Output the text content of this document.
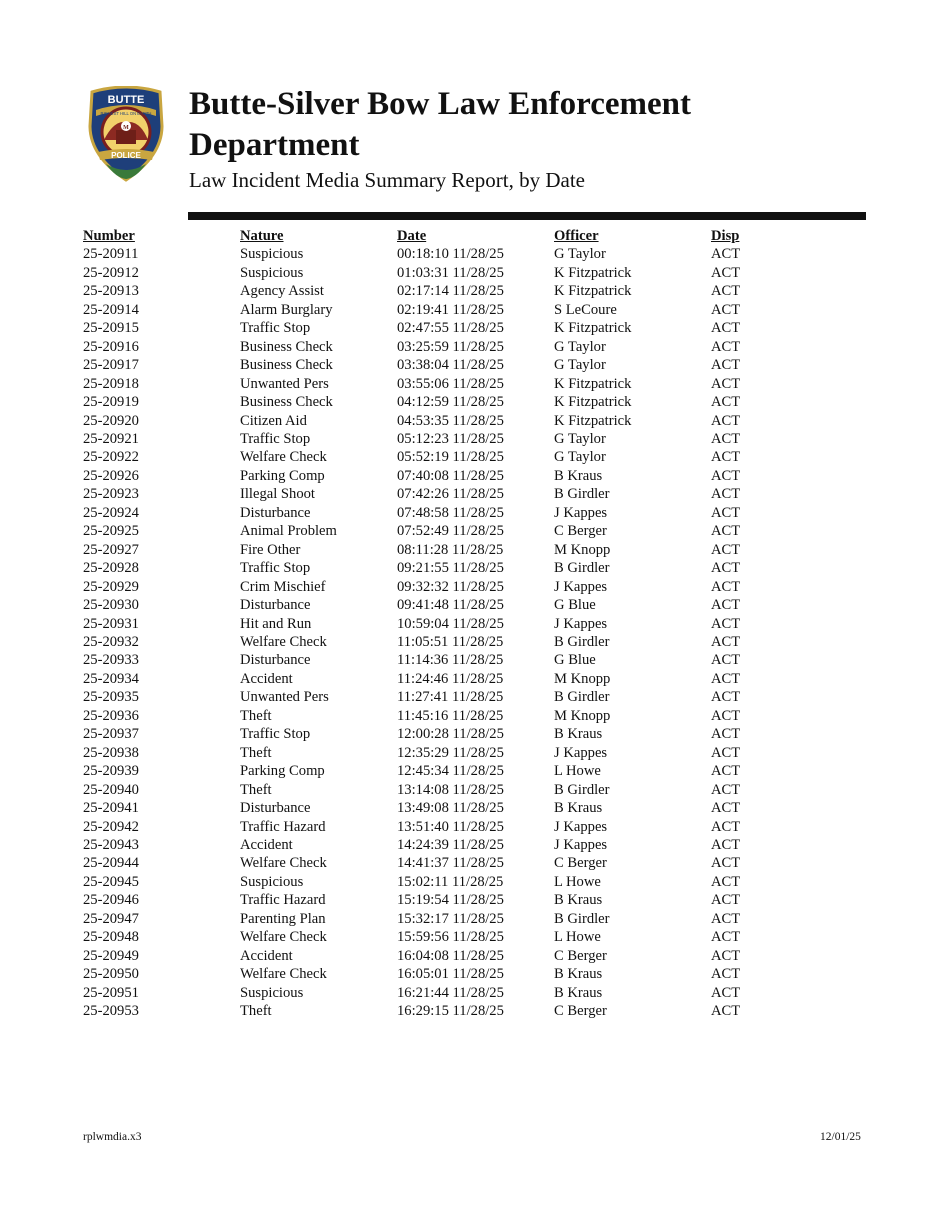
BUTTE
RICHEST HILL ON EARTH
M
POLICE
Butte-Silver Bow Law Enforcement Department
Law Incident Media Summary Report, by Date
Number	Nature	Date	Officer	Disp
25-20911	Suspicious	00:18:10 11/28/25	G Taylor	ACT
25-20912	Suspicious	01:03:31 11/28/25	K Fitzpatrick	ACT
25-20913	Agency Assist	02:17:14 11/28/25	K Fitzpatrick	ACT
25-20914	Alarm Burglary	02:19:41 11/28/25	S LeCoure	ACT
25-20915	Traffic Stop	02:47:55 11/28/25	K Fitzpatrick	ACT
25-20916	Business Check	03:25:59 11/28/25	G Taylor	ACT
25-20917	Business Check	03:38:04 11/28/25	G Taylor	ACT
25-20918	Unwanted Pers	03:55:06 11/28/25	K Fitzpatrick	ACT
25-20919	Business Check	04:12:59 11/28/25	K Fitzpatrick	ACT
25-20920	Citizen Aid	04:53:35 11/28/25	K Fitzpatrick	ACT
25-20921	Traffic Stop	05:12:23 11/28/25	G Taylor	ACT
25-20922	Welfare Check	05:52:19 11/28/25	G Taylor	ACT
25-20926	Parking Comp	07:40:08 11/28/25	B Kraus	ACT
25-20923	Illegal Shoot	07:42:26 11/28/25	B Girdler	ACT
25-20924	Disturbance	07:48:58 11/28/25	J Kappes	ACT
25-20925	Animal Problem	07:52:49 11/28/25	C Berger	ACT
25-20927	Fire Other	08:11:28 11/28/25	M Knopp	ACT
25-20928	Traffic Stop	09:21:55 11/28/25	B Girdler	ACT
25-20929	Crim Mischief	09:32:32 11/28/25	J Kappes	ACT
25-20930	Disturbance	09:41:48 11/28/25	G Blue	ACT
25-20931	Hit and Run	10:59:04 11/28/25	J Kappes	ACT
25-20932	Welfare Check	11:05:51 11/28/25	B Girdler	ACT
25-20933	Disturbance	11:14:36 11/28/25	G Blue	ACT
25-20934	Accident	11:24:46 11/28/25	M Knopp	ACT
25-20935	Unwanted Pers	11:27:41 11/28/25	B Girdler	ACT
25-20936	Theft	11:45:16 11/28/25	M Knopp	ACT
25-20937	Traffic Stop	12:00:28 11/28/25	B Kraus	ACT
25-20938	Theft	12:35:29 11/28/25	J Kappes	ACT
25-20939	Parking Comp	12:45:34 11/28/25	L Howe	ACT
25-20940	Theft	13:14:08 11/28/25	B Girdler	ACT
25-20941	Disturbance	13:49:08 11/28/25	B Kraus	ACT
25-20942	Traffic Hazard	13:51:40 11/28/25	J Kappes	ACT
25-20943	Accident	14:24:39 11/28/25	J Kappes	ACT
25-20944	Welfare Check	14:41:37 11/28/25	C Berger	ACT
25-20945	Suspicious	15:02:11 11/28/25	L Howe	ACT
25-20946	Traffic Hazard	15:19:54 11/28/25	B Kraus	ACT
25-20947	Parenting Plan	15:32:17 11/28/25	B Girdler	ACT
25-20948	Welfare Check	15:59:56 11/28/25	L Howe	ACT
25-20949	Accident	16:04:08 11/28/25	C Berger	ACT
25-20950	Welfare Check	16:05:01 11/28/25	B Kraus	ACT
25-20951	Suspicious	16:21:44 11/28/25	B Kraus	ACT
25-20953	Theft	16:29:15 11/28/25	C Berger	ACT
rplwmdia.x3	12/01/25
